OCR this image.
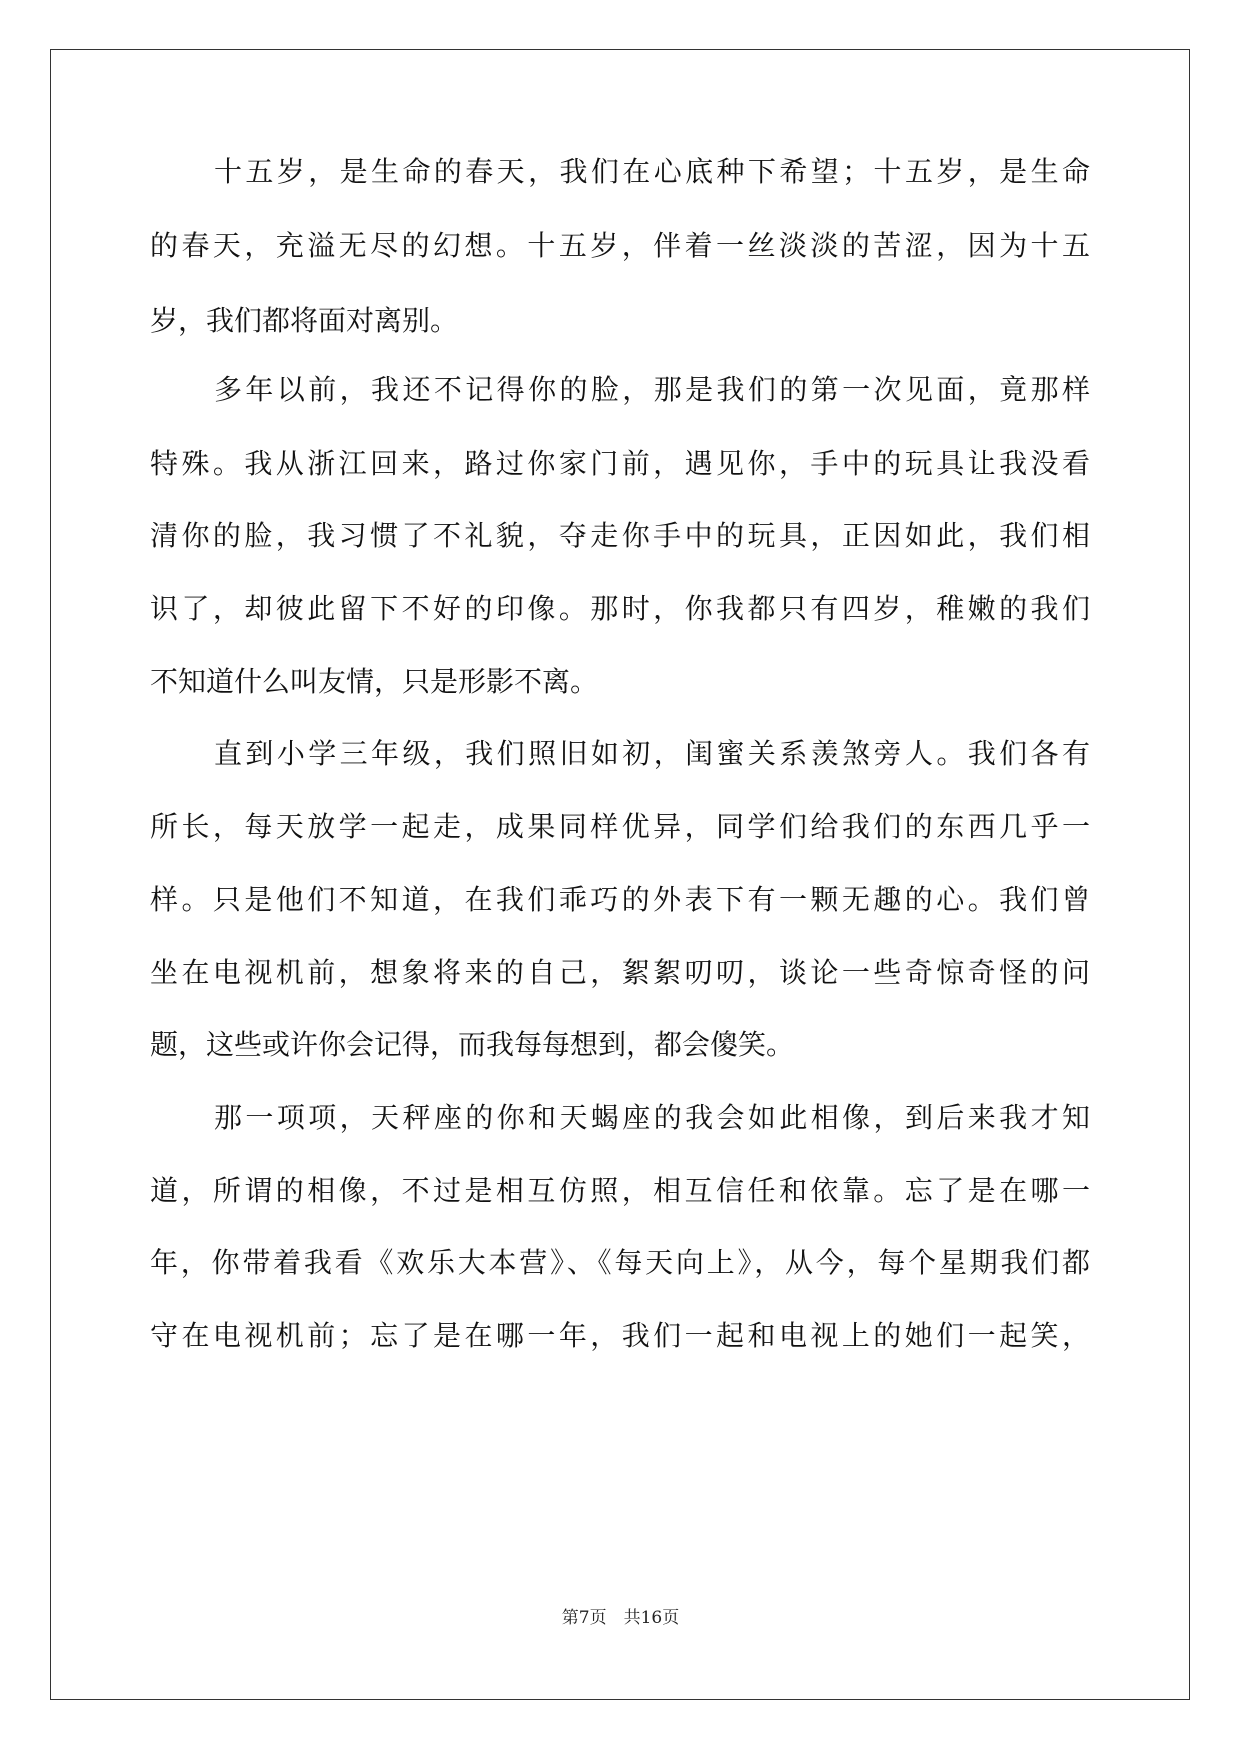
十五岁，是生命的春天，我们在心底种下希望；十五岁，是生命
的春天，充溢无尽的幻想。十五岁，伴着一丝淡淡的苦涩，因为十五
岁，我们都将面对离别。
多年以前，我还不记得你的脸，那是我们的第一次见面，竟那样
特殊。我从浙江回来，路过你家门前，遇见你，手中的玩具让我没看
清你的脸，我习惯了不礼貌，夺走你手中的玩具，正因如此，我们相
识了，却彼此留下不好的印像。那时，你我都只有四岁，稚嫩的我们
不知道什么叫友情，只是形影不离。
直到小学三年级，我们照旧如初，闺蜜关系羡煞旁人。我们各有
所长，每天放学一起走，成果同样优异，同学们给我们的东西几乎一
样。只是他们不知道，在我们乖巧的外表下有一颗无趣的心。我们曾
坐在电视机前，想象将来的自己，絮絮叨叨，谈论一些奇惊奇怪的问
题，这些或许你会记得，而我每每想到，都会傻笑。
那一项项，天秤座的你和天蝎座的我会如此相像，到后来我才知
道，所谓的相像，不过是相互仿照，相互信任和依靠。忘了是在哪一
年，你带着我看《欢乐大本营》、《每天向上》，从今，每个星期我们都
守在电视机前；忘了是在哪一年，我们一起和电视上的她们一起笑，
第7页　共16页
